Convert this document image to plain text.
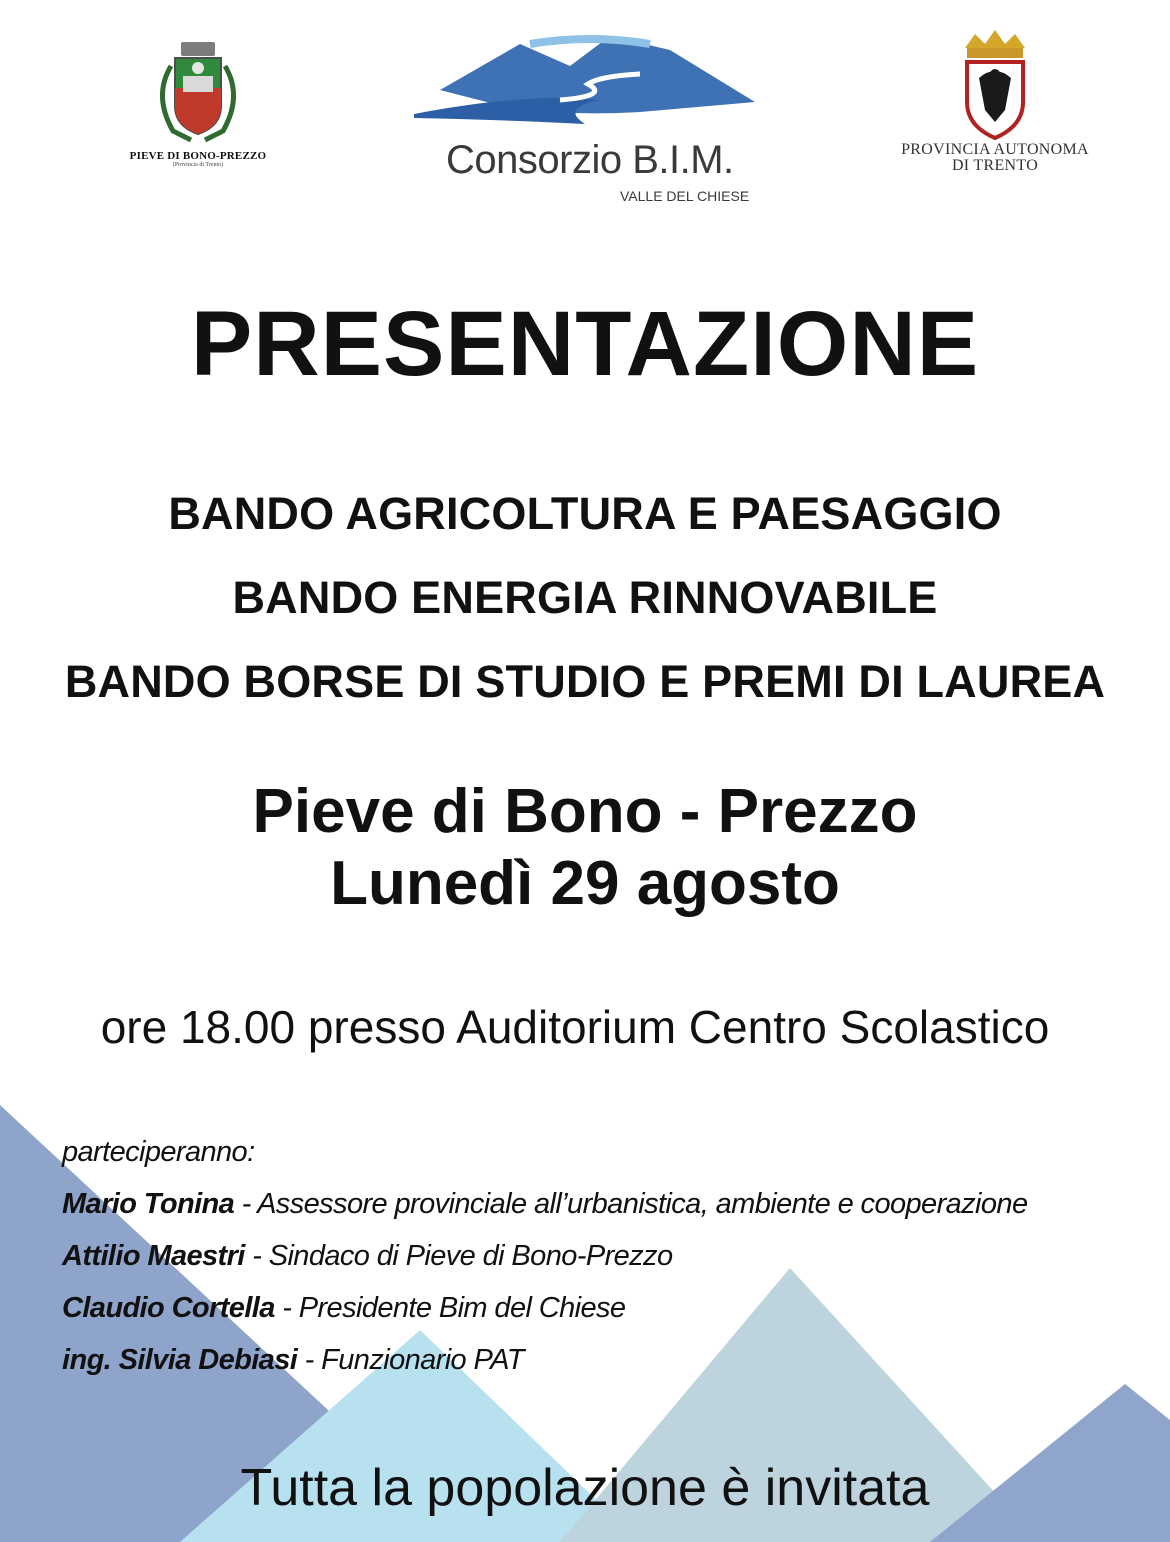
PIEVE DI BONO-PREZZO
(Provincia di Trento)	Consorzio B.I.M.
VALLE DEL CHIESE
PROVINCIA AUTONOMA
DI TRENTO
PRESENTAZIONE
BANDO AGRICOLTURA E PAESAGGIO
BANDO ENERGIA RINNOVABILE
BANDO BORSE DI STUDIO E PREMI DI LAUREA
Pieve di Bono - Prezzo
Lunedì 29 agosto
ore 18.00 presso Auditorium Centro Scolastico
parteciperanno:
Mario Tonina - Assessore provinciale all’urbanistica, ambiente e cooperazione
Attilio Maestri - Sindaco di Pieve di Bono-Prezzo
Claudio Cortella - Presidente Bim del Chiese
ing. Silvia Debiasi - Funzionario PAT
Tutta la popolazione è invitata
